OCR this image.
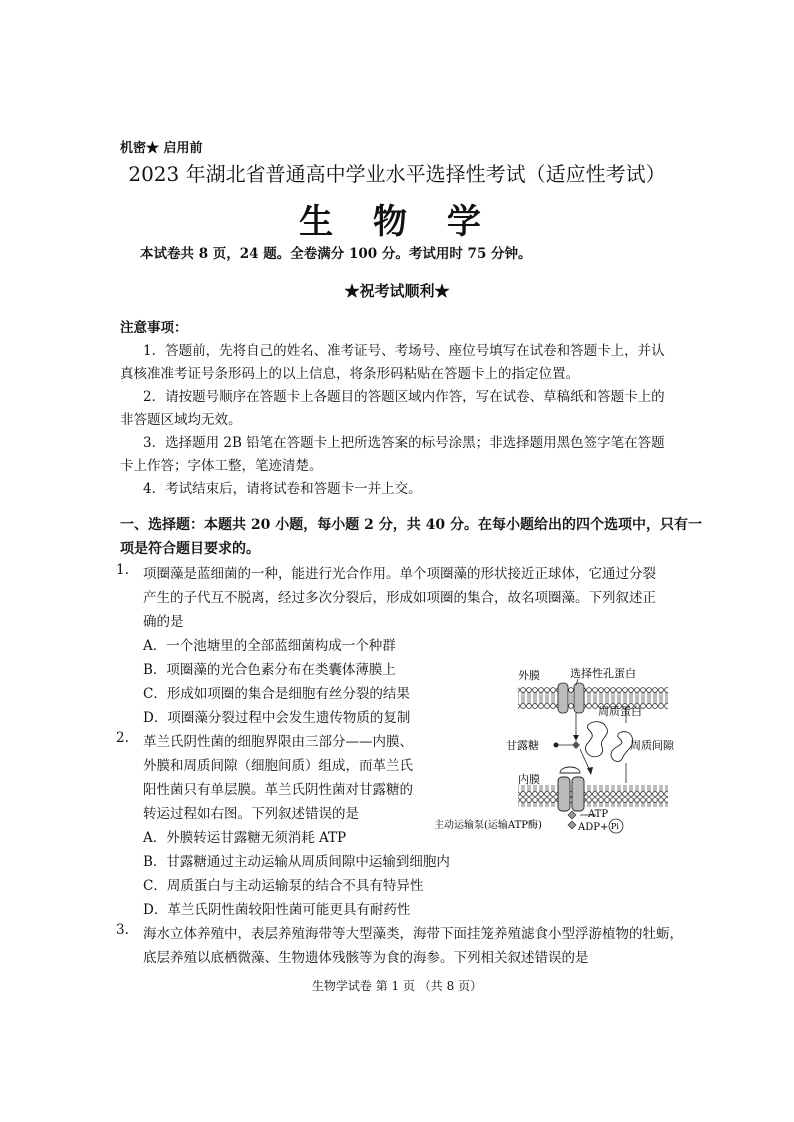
机密★ 启用前
2023 年湖北省普通高中学业水平选择性考试（适应性考试）
生 物 学
本试卷共 8 页，24 题。全卷满分 100 分。考试用时 75 分钟。
★祝考试顺利★
注意事项：
1．答题前，先将自己的姓名、准考证号、考场号、座位号填写在试卷和答题卡上，并认
真核准准考证号条形码上的以上信息，将条形码粘贴在答题卡上的指定位置。
2．请按题号顺序在答题卡上各题目的答题区域内作答，写在试卷、草稿纸和答题卡上的
非答题区域均无效。
3．选择题用 2B 铅笔在答题卡上把所选答案的标号涂黑；非选择题用黑色签字笔在答题
卡上作答；字体工整，笔迹清楚。
4．考试结束后，请将试卷和答题卡一并上交。
一、选择题：本题共 20 小题，每小题 2 分，共 40 分。在每小题给出的四个选项中，只有一
项是符合题目要求的。
1. 项圈藻是蓝细菌的一种，能进行光合作用。单个项圈藻的形状接近正球体，它通过分裂
产生的子代互不脱离，经过多次分裂后，形成如项圈的集合，故名项圈藻。下列叙述正
确的是
A．一个池塘里的全部蓝细菌构成一个种群
B．项圈藻的光合色素分布在类囊体薄膜上
C．形成如项圈的集合是细胞有丝分裂的结果
D．项圈藻分裂过程中会发生遗传物质的复制
2. 革兰氏阴性菌的细胞界限由三部分——内膜、
外膜和周质间隙（细胞间质）组成，而革兰氏
阳性菌只有单层膜。革兰氏阴性菌对甘露糖的
转运过程如右图。下列叙述错误的是
A．外膜转运甘露糖无须消耗 ATP
B．甘露糖通过主动运输从周质间隙中运输到细胞内
C．周质蛋白与主动运输泵的结合不具有特异性
D．革兰氏阴性菌较阳性菌可能更具有耐药性
3. 海水立体养殖中，表层养殖海带等大型藻类，海带下面挂笼养殖滤食小型浮游植物的牡蛎，
底层养殖以底栖微藻、生物遗体残骸等为食的海参。下列相关叙述错误的是
外膜	选择性孔蛋白
周质蛋白
甘露糖	周质间隙
内膜
ATP
ADP+ Pi
主动运输泵(运输ATP酶)
生物学试卷 第 1 页 （共 8 页）
